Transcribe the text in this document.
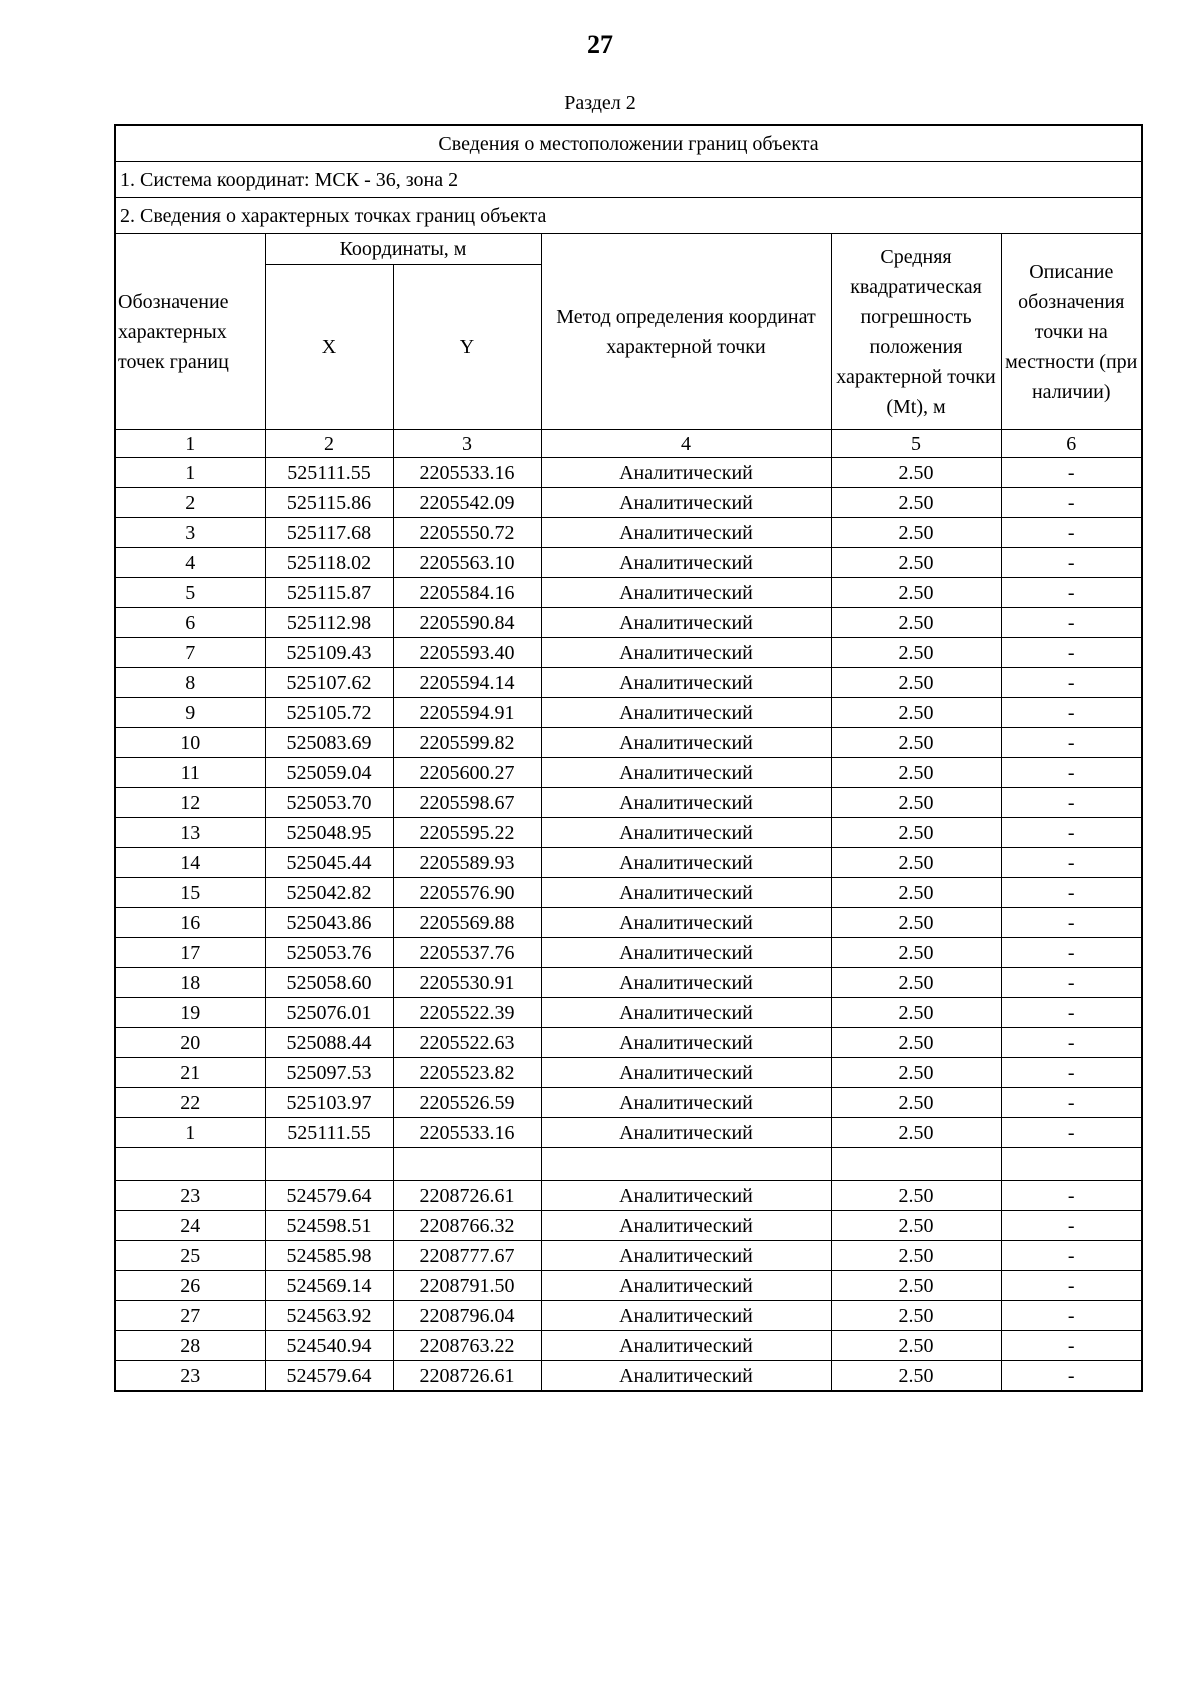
27
Раздел 2
Сведения о местоположении границ объекта					
1. Система координат: МСК - 36, зона 2					
2. Сведения о характерных точках границ объекта					
Обозначение характерных точек границ	Координаты, м		Метод определения координат характерной точки	Средняя квадратическая погрешность положения характерной точки (Mt), м	Описание обозначения точки на местности (при наличии)
	X	Y			
1	2	3	4	5	6
1	525111.55	2205533.16	Аналитический	2.50	-
2	525115.86	2205542.09	Аналитический	2.50	-
3	525117.68	2205550.72	Аналитический	2.50	-
4	525118.02	2205563.10	Аналитический	2.50	-
5	525115.87	2205584.16	Аналитический	2.50	-
6	525112.98	2205590.84	Аналитический	2.50	-
7	525109.43	2205593.40	Аналитический	2.50	-
8	525107.62	2205594.14	Аналитический	2.50	-
9	525105.72	2205594.91	Аналитический	2.50	-
10	525083.69	2205599.82	Аналитический	2.50	-
11	525059.04	2205600.27	Аналитический	2.50	-
12	525053.70	2205598.67	Аналитический	2.50	-
13	525048.95	2205595.22	Аналитический	2.50	-
14	525045.44	2205589.93	Аналитический	2.50	-
15	525042.82	2205576.90	Аналитический	2.50	-
16	525043.86	2205569.88	Аналитический	2.50	-
17	525053.76	2205537.76	Аналитический	2.50	-
18	525058.60	2205530.91	Аналитический	2.50	-
19	525076.01	2205522.39	Аналитический	2.50	-
20	525088.44	2205522.63	Аналитический	2.50	-
21	525097.53	2205523.82	Аналитический	2.50	-
22	525103.97	2205526.59	Аналитический	2.50	-
1	525111.55	2205533.16	Аналитический	2.50	-

23	524579.64	2208726.61	Аналитический	2.50	-
24	524598.51	2208766.32	Аналитический	2.50	-
25	524585.98	2208777.67	Аналитический	2.50	-
26	524569.14	2208791.50	Аналитический	2.50	-
27	524563.92	2208796.04	Аналитический	2.50	-
28	524540.94	2208763.22	Аналитический	2.50	-
23	524579.64	2208726.61	Аналитический	2.50	-
